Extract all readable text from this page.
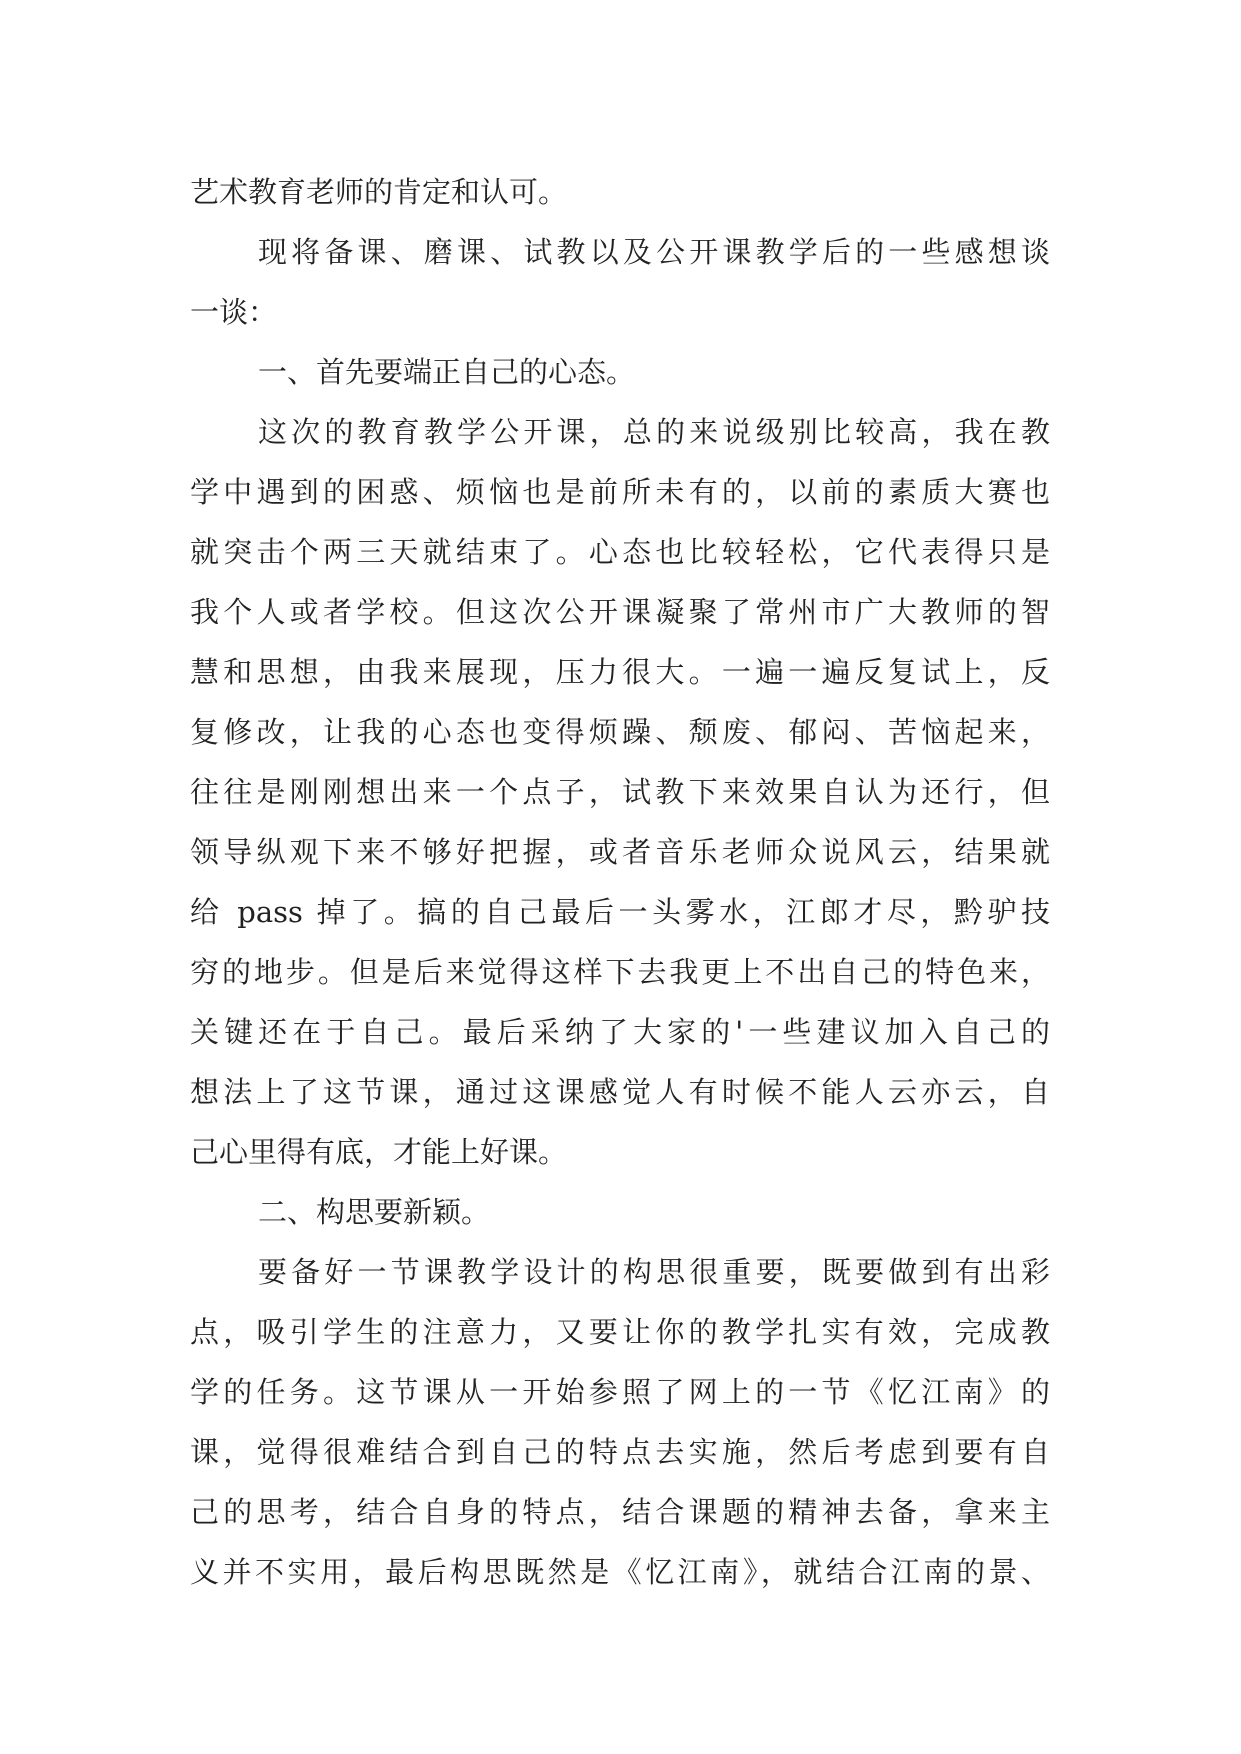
艺术教育老师的肯定和认可。
现将备课、磨课、试教以及公开课教学后的一些感想谈
一谈：
一、首先要端正自己的心态。
这次的教育教学公开课，总的来说级别比较高，我在教
学中遇到的困惑、烦恼也是前所未有的，以前的素质大赛也
就突击个两三天就结束了。心态也比较轻松，它代表得只是
我个人或者学校。但这次公开课凝聚了常州市广大教师的智
慧和思想，由我来展现，压力很大。一遍一遍反复试上，反
复修改，让我的心态也变得烦躁、颓废、郁闷、苦恼起来，
往往是刚刚想出来一个点子，试教下来效果自认为还行，但
领导纵观下来不够好把握，或者音乐老师众说风云，结果就
给 pass 掉了。搞的自己最后一头雾水，江郎才尽，黔驴技
穷的地步。但是后来觉得这样下去我更上不出自己的特色来，
关键还在于自己。最后采纳了大家的'一些建议加入自己的
想法上了这节课，通过这课感觉人有时候不能人云亦云，自
己心里得有底，才能上好课。
二、构思要新颖。
要备好一节课教学设计的构思很重要，既要做到有出彩
点，吸引学生的注意力，又要让你的教学扎实有效，完成教
学的任务。这节课从一开始参照了网上的一节《忆江南》的
课，觉得很难结合到自己的特点去实施，然后考虑到要有自
己的思考，结合自身的特点，结合课题的精神去备，拿来主
义并不实用，最后构思既然是《忆江南》，就结合江南的景、
